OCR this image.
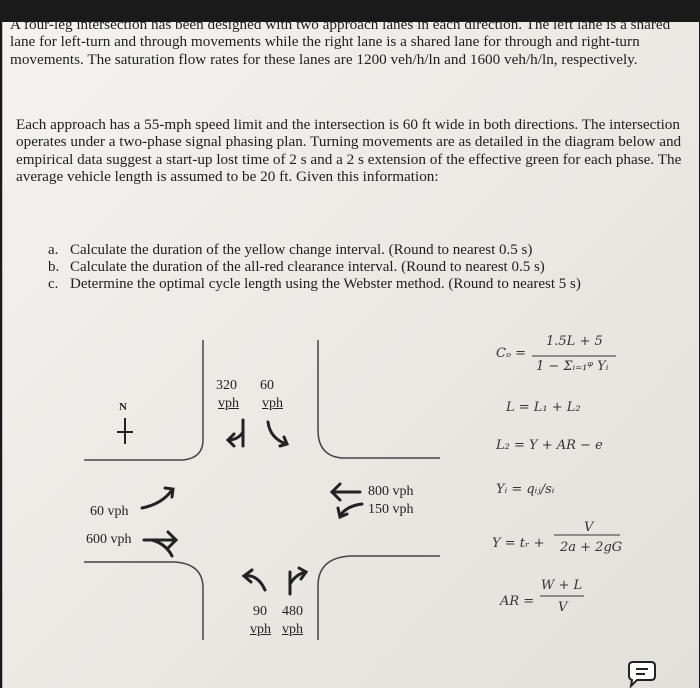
A four-leg intersection has been designed with two approach lanes in each direction. The left lane is a shared lane for left-turn and through movements while the right lane is a shared lane for through and right-turn movements. The saturation flow rates for these lanes are 1200 veh/h/ln and 1600 veh/h/ln, respectively.

Each approach has a 55-mph speed limit and the intersection is 60 ft wide in both directions. The intersection operates under a two-phase signal phasing plan. Turning movements are as detailed in the diagram below and empirical data suggest a start-up lost time of 2 s and a 2 s extension of the effective green for each phase. The average vehicle length is assumed to be 20 ft. Given this information:

a. Calculate the duration of the yellow change interval. (Round to nearest 0.5 s)
b. Calculate the duration of the all-red clearance interval. (Round to nearest 0.5 s)
c. Determine the optimal cycle length using the Webster method. (Round to nearest 5 s)
N
320 60
vph vph
800 vph
150 vph
60 vph
600 vph
90 480
vph vph
Cₒ =
1.5L + 5
1 − Σᵢ₌₁ᵠ Yᵢ
L = L₁ + L₂
L₂ = Y + AR − e
Yᵢ = qᵢⱼ/sᵢ
Y = tᵣ +
V
2a + 2gG
AR =
W + L
V
